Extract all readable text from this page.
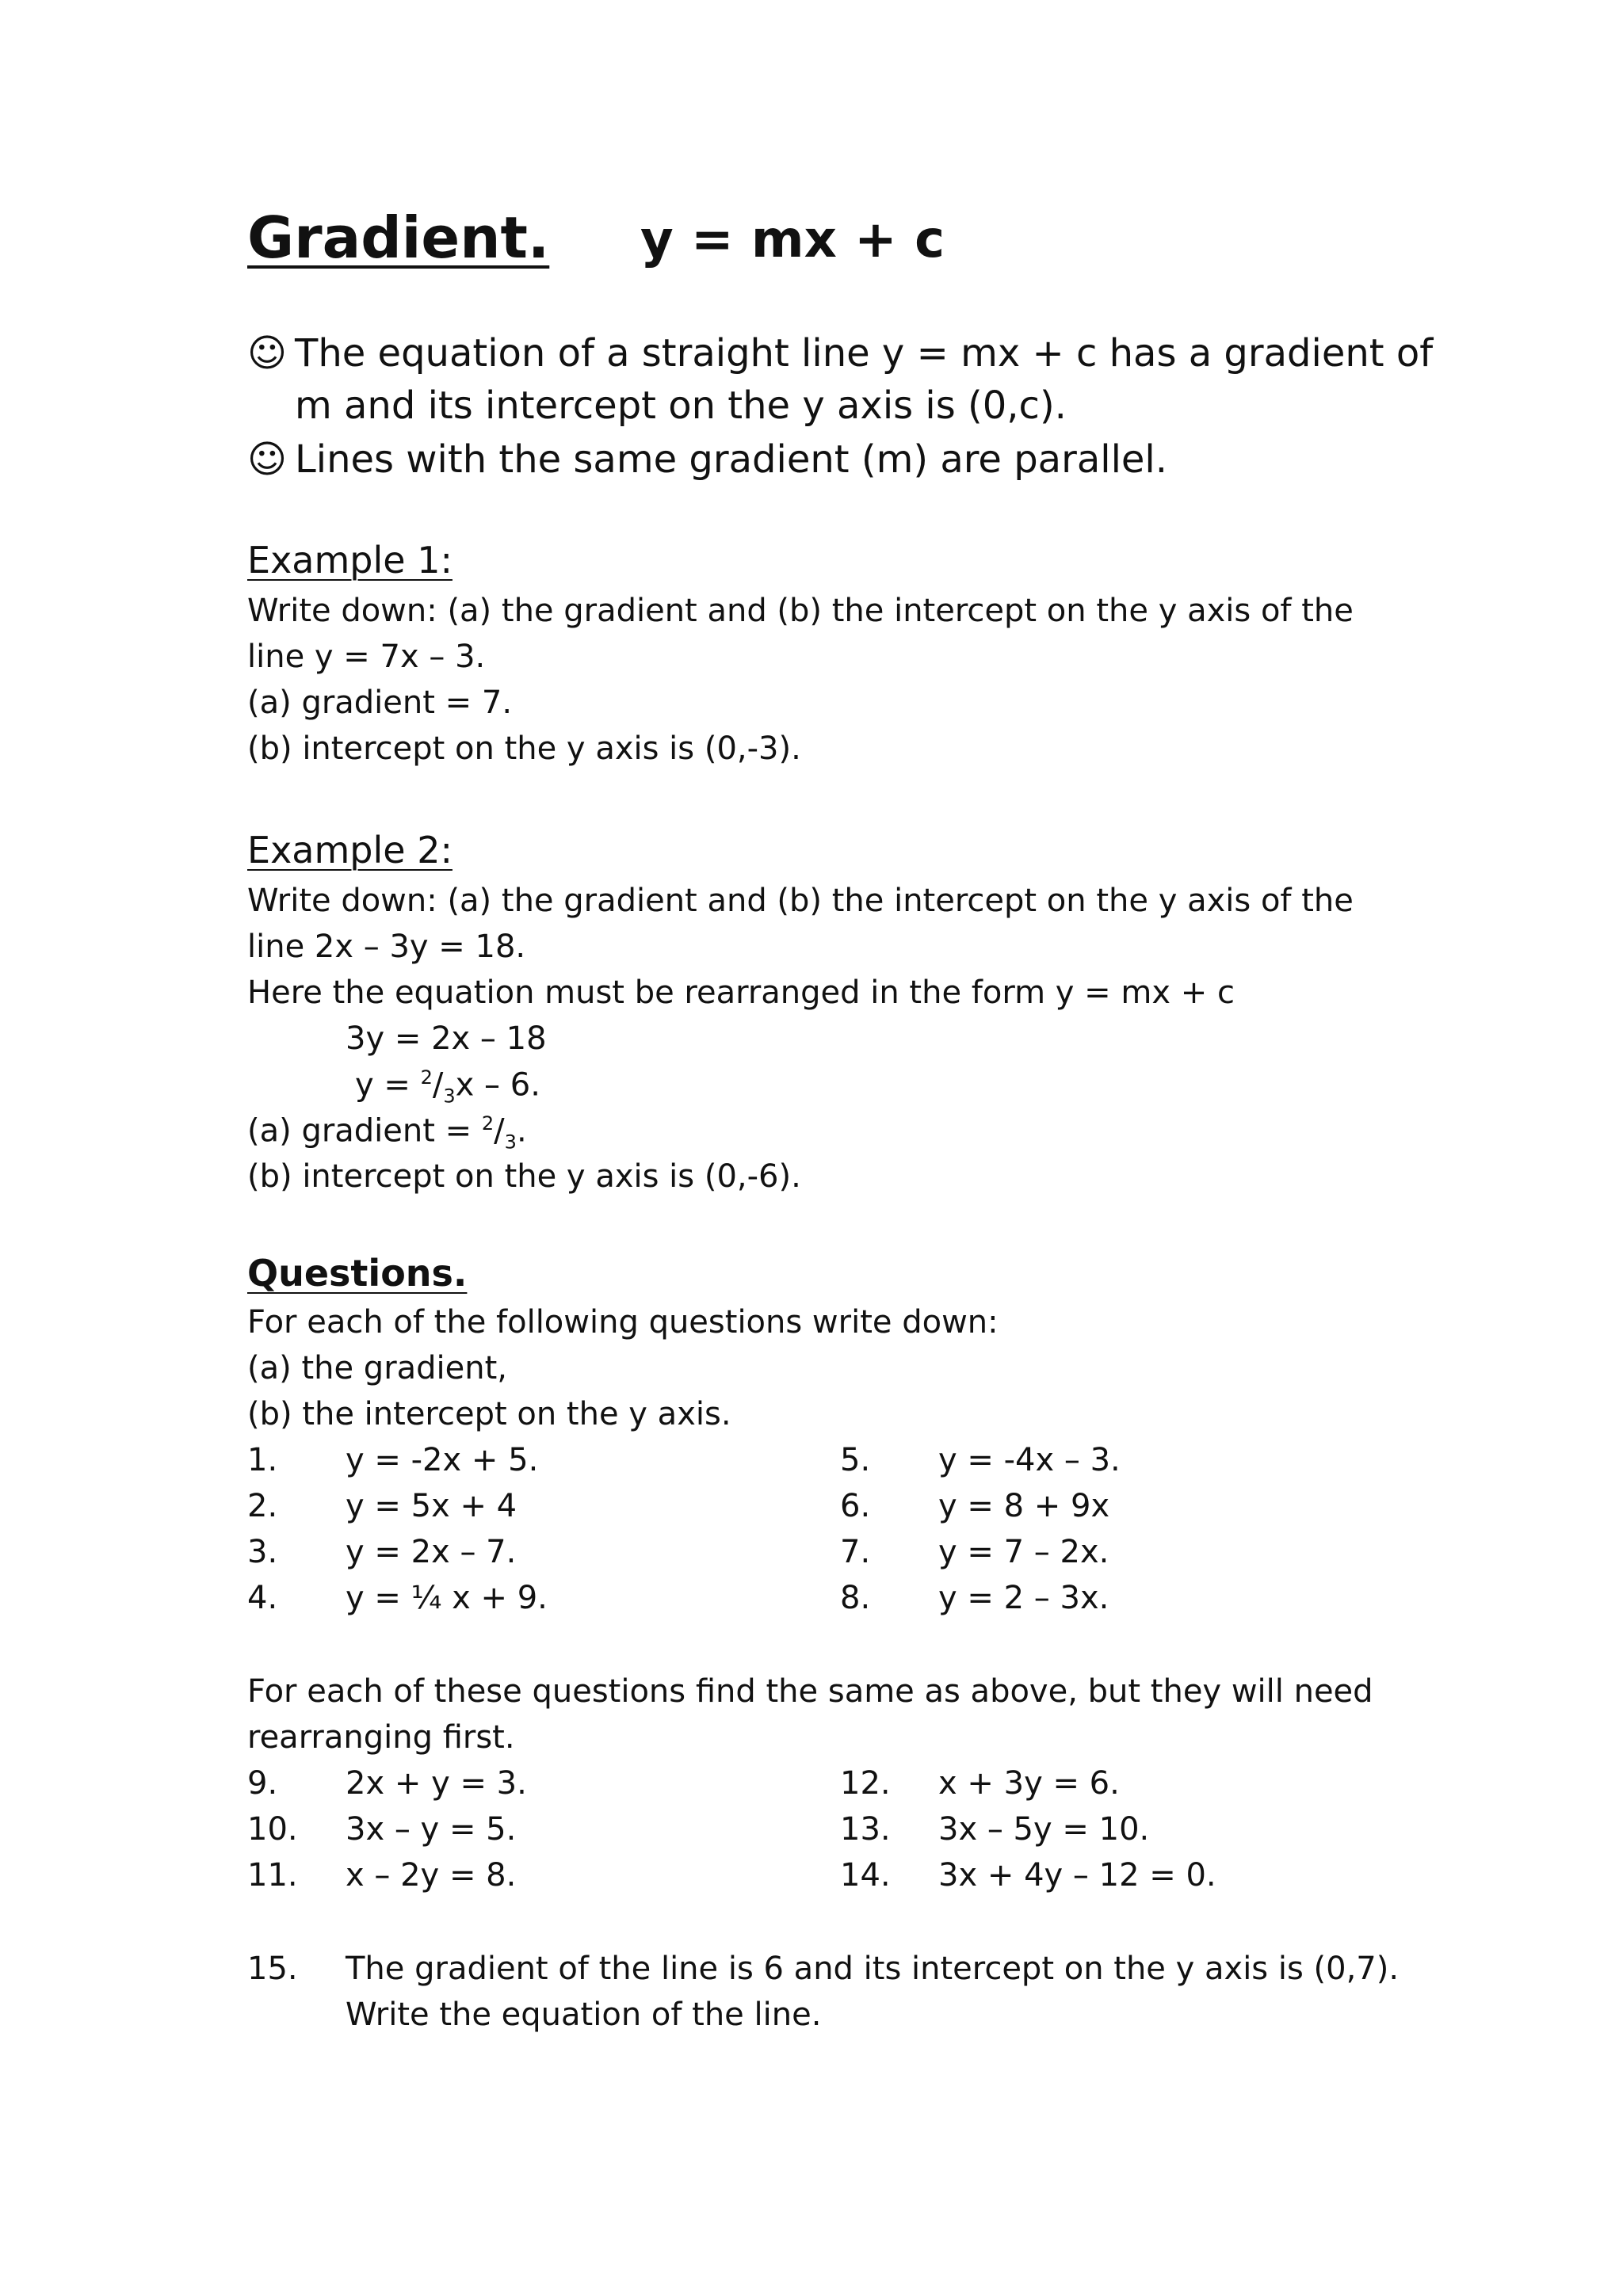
Gradient. y = mx + c
☺ The equation of a straight line y = mx + c has a gradient of
m and its intercept on the y axis is (0,c).
☺ Lines with the same gradient (m) are parallel.
Example 1:
Write down: (a) the gradient and (b) the intercept on the y axis of the
line y = 7x – 3.
(a) gradient = 7.
(b) intercept on the y axis is (0,-3).
Example 2:
Write down: (a) the gradient and (b) the intercept on the y axis of the
line 2x – 3y = 18.
Here the equation must be rearranged in the form y = mx + c
3y = 2x – 18
$y = ^2/_3x - 6$.
(a) gradient = $^2/_3$.
(b) intercept on the y axis is (0,-6).
Questions.
For each of the following questions write down:
(a) the gradient,
(b) the intercept on the y axis.
1. y = -2x + 5.
2. y = 5x + 4
3. y = 2x – 7.
4. y = ¼ x + 9.
5. y = -4x – 3.
6. y = 8 + 9x
7. y = 7 – 2x.
8. y = 2 – 3x.
For each of these questions find the same as above, but they will need
rearranging first.
9. 2x + y = 3.
10. 3x – y = 5.
11. x – 2y = 8.
12. x + 3y = 6.
13. 3x – 5y = 10.
14. 3x + 4y – 12 = 0.
15. The gradient of the line is 6 and its intercept on the y axis is (0,7).
Write the equation of the line.
